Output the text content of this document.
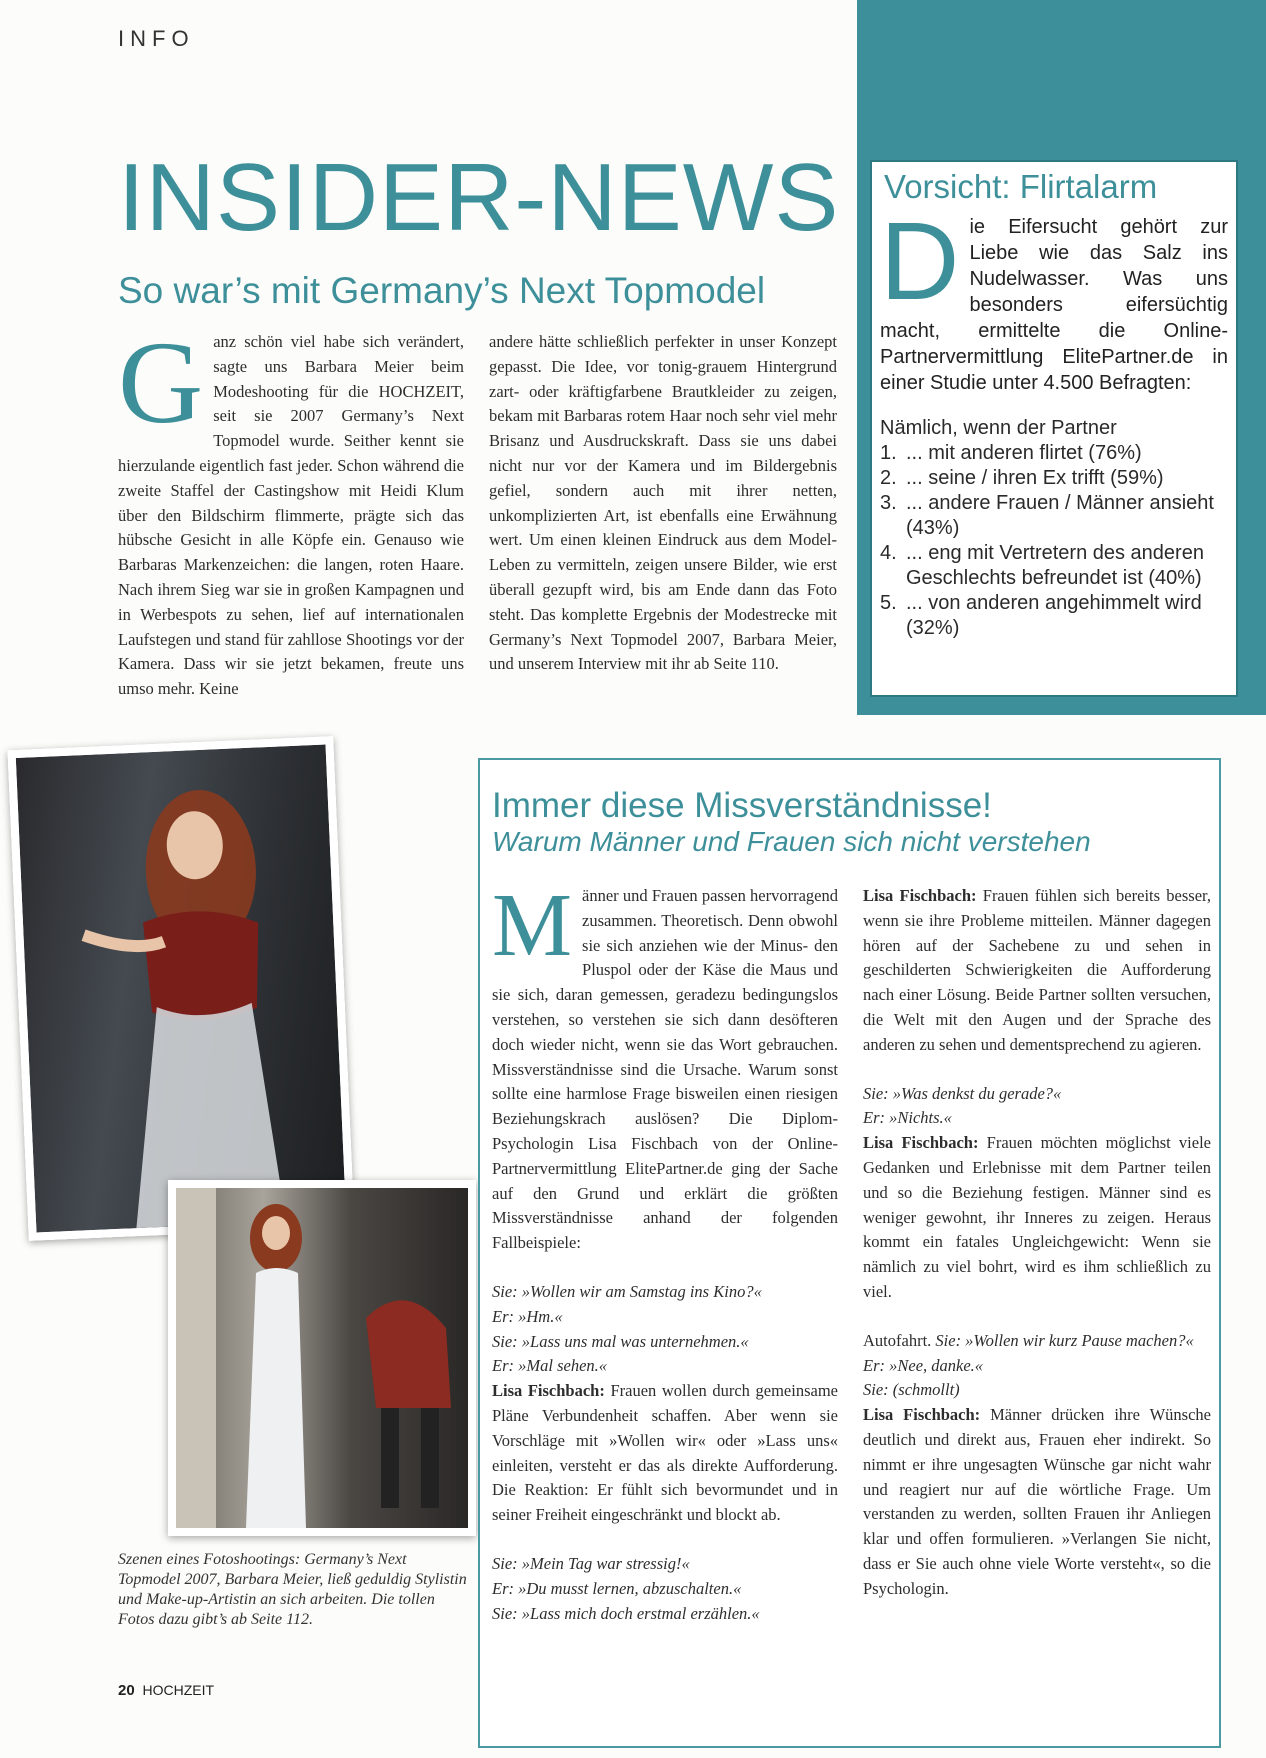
INFO
INSIDER-NEWS
So war’s mit Germany’s Next Topmodel
G anz schön viel habe sich verändert, sagte uns Barbara Meier beim Modeshooting für die HOCHZEIT, seit sie 2007 Germany’s Next Topmodel wurde. Seither kennt sie hierzulande eigentlich fast jeder. Schon während die zweite Staffel der Castingshow mit Heidi Klum über den Bildschirm flimmerte, prägte sich das hübsche Gesicht in alle Köpfe ein. Genauso wie Barbaras Markenzeichen: die langen, roten Haare. Nach ihrem Sieg war sie in großen Kampagnen und in Werbespots zu sehen, lief auf internationalen Laufstegen und stand für zahllose Shootings vor der Kamera. Dass wir sie jetzt bekamen, freute uns umso mehr. Keine
andere hätte schließlich perfekter in unser Konzept gepasst. Die Idee, vor tonig-grauem Hintergrund zart- oder kräftigfarbene Brautkleider zu zeigen, bekam mit Barbaras rotem Haar noch sehr viel mehr Brisanz und Ausdruckskraft. Dass sie uns dabei nicht nur vor der Kamera und im Bildergebnis gefiel, sondern auch mit ihrer netten, unkomplizierten Art, ist ebenfalls eine Erwähnung wert. Um einen kleinen Eindruck aus dem Model-Leben zu vermitteln, zeigen unsere Bilder, wie erst überall gezupft wird, bis am Ende dann das Foto steht. Das komplette Ergebnis der Modestrecke mit Germany’s Next Topmodel 2007, Barbara Meier, und unserem Interview mit ihr ab Seite 110.
Vorsicht: Flirtalarm
D ie Eifersucht gehört zur Liebe wie das Salz ins Nudelwasser. Was uns besonders eifersüchtig macht, ermittelte die Online-Partnervermittlung ElitePartner.de in einer Studie unter 4.500 Befragten:
Nämlich, wenn der Partner
1. ... mit anderen flirtet (76%)
2. ... seine / ihren Ex trifft (59%)
3. ... andere Frauen / Männer ansieht (43%)
4. ... eng mit Vertretern des anderen Geschlechts befreundet ist (40%)
5. ... von anderen angehimmelt wird (32%)
Szenen eines Fotoshootings: Germany’s Next Topmodel 2007, Barbara Meier, ließ geduldig Stylistin und Make-up-Artistin an sich arbeiten. Die tollen Fotos dazu gibt’s ab Seite 112.
20 HOCHZEIT
Immer diese Missverständnisse!
Warum Männer und Frauen sich nicht verstehen
M änner und Frauen passen hervorragend zusammen. Theoretisch. Denn obwohl sie sich anziehen wie der Minus- den Pluspol oder der Käse die Maus und sie sich, daran gemessen, geradezu bedingungslos verstehen, so verstehen sie sich dann desöfteren doch wieder nicht, wenn sie das Wort gebrauchen. Missverständnisse sind die Ursache. Warum sonst sollte eine harmlose Frage bisweilen einen riesigen Beziehungskrach auslösen? Die Diplom-Psychologin Lisa Fischbach von der Online-Partnervermittlung ElitePartner.de ging der Sache auf den Grund und erklärt die größten Missverständnisse anhand der folgenden Fallbeispiele:
Sie: »Wollen wir am Samstag ins Kino?«
Er: »Hm.«
Sie: »Lass uns mal was unternehmen.«
Er: »Mal sehen.«
Lisa Fischbach: Frauen wollen durch gemeinsame Pläne Verbundenheit schaffen. Aber wenn sie Vorschläge mit »Wollen wir« oder »Lass uns« einleiten, versteht er das als direkte Aufforderung. Die Reaktion: Er fühlt sich bevormundet und in seiner Freiheit eingeschränkt und blockt ab.
Sie: »Mein Tag war stressig!«
Er: »Du musst lernen, abzuschalten.«
Sie: »Lass mich doch erstmal erzählen.«
Lisa Fischbach: Frauen fühlen sich bereits besser, wenn sie ihre Probleme mitteilen. Männer dagegen hören auf der Sachebene zu und sehen in geschilderten Schwierigkeiten die Aufforderung nach einer Lösung. Beide Partner sollten versuchen, die Welt mit den Augen und der Sprache des anderen zu sehen und dementsprechend zu agieren.
Sie: »Was denkst du gerade?«
Er: »Nichts.«
Lisa Fischbach: Frauen möchten möglichst viele Gedanken und Erlebnisse mit dem Partner teilen und so die Beziehung festigen. Männer sind es weniger gewohnt, ihr Inneres zu zeigen. Heraus kommt ein fatales Ungleichgewicht: Wenn sie nämlich zu viel bohrt, wird es ihm schließlich zu viel.
Autofahrt. Sie: »Wollen wir kurz Pause machen?«
Er: »Nee, danke.«
Sie: (schmollt)
Lisa Fischbach: Männer drücken ihre Wünsche deutlich und direkt aus, Frauen eher indirekt. So nimmt er ihre ungesagten Wünsche gar nicht wahr und reagiert nur auf die wörtliche Frage. Um verstanden zu werden, sollten Frauen ihr Anliegen klar und offen formulieren. »Verlangen Sie nicht, dass er Sie auch ohne viele Worte versteht«, so die Psychologin.
